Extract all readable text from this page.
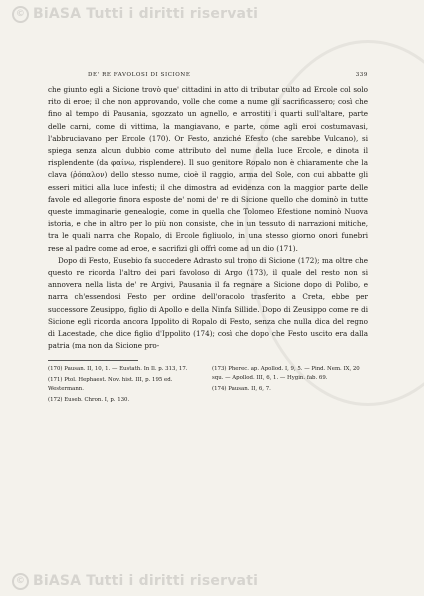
© BiASA Tutti i diritti riservati
DE' RE FAVOLOSI DI SICIONE	339

che giunto egli a Sicione trovò que' cittadini in atto di tributar culto ad Ercole col solo rito di eroe; il che non approvando, volle che come a nume gli sacrificassero; così che fino al tempo di Pausania, sgozzato un agnello, e arrostiti i quarti sull'altare, parte delle carni, come di vittima, la mangiavano, e parte, come agli eroi costumavasi, l'abbruciavano per Ercole (170). Or Festo, anziché Efesto (che sarebbe Vulcano), si spiega senza alcun dubbio come attributo del nume della luce Ercole, e dinota il risplendente (da φαίνω, risplendere). Il suo genitore Ropalo non è chiaramente che la clava (ῥόπαλον) dello stesso nume, cioè il raggio, arma del Sole, con cui abbatte gli esseri mitici alla luce infesti; il che dimostra ad evidenza con la maggior parte delle favole ed allegorie finora esposte de' nomi de' re di Sicione quello che dominò in tutte queste immaginarie genealogie, come in quella che Tolomeo Efestione nominò Nuova istoria, e che in altro per lo più non consiste, che in un tessuto di narrazioni mitiche, tra le quali narra che Ropalo, di Ercole figliuolo, in una stesso giorno onori funebri rese al padre come ad eroe, e sacrifizi gli offrì come ad un dio (171).

Dopo di Festo, Eusebio fa succedere Adrasto sul trono di Sicione (172); ma oltre che questo re ricorda l'altro dei pari favoloso di Argo (173), il quale del resto non si annovera nella lista de' re Argivi, Pausania il fa regnare a Sicione dopo di Polibo, e narra ch'essendosi Festo per ordine dell'oracolo trasferito a Creta, ebbe per successore Zeusippo, figlio di Apollo e della Ninfa Sillide. Dopo di Zeusippo come re di Sicione egli ricorda ancora Ippolito di Ropalo di Festo, senza che nulla dica del regno di Lacestade, che dice figlio d'Ippolito (174); così che dopo che Festo uscito era dalla patria (ma non da Sicione pro-

(170) Pausan. II, 10, 1. — Eustath. In Il. p. 313, 17.
(171) Ptol. Hephaest. Nov. hist. III, p. 195 ed. Westermann.
(172) Euseb. Chron. I, p. 130.
(173) Pherec. ap. Apollod. I, 9, 5. — Pind. Nem. IX, 20 squ. — Apollod. III, 6, 1. — Hygin. fab. 69.
(174) Pausan. II, 6, 7.
© BiASA Tutti i diritti riservati
